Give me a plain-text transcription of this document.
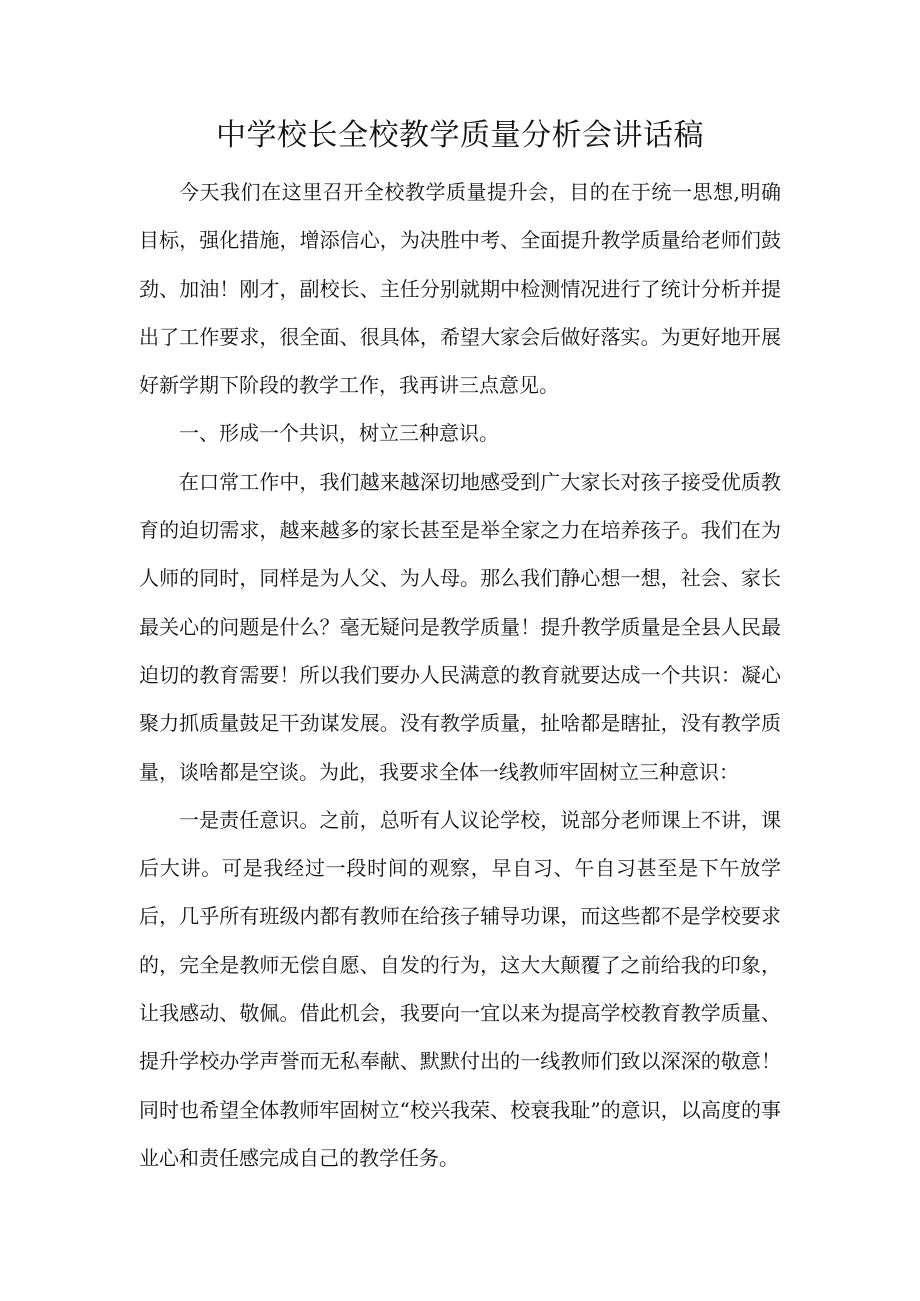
中学校长全校教学质量分析会讲话稿

今天我们在这里召开全校教学质量提升会，目的在于统一思想,明确目标，强化措施，增添信心，为决胜中考、全面提升教学质量给老师们鼓劲、加油！刚才，副校长、主任分别就期中检测情况进行了统计分析并提出了工作要求，很全面、很具体，希望大家会后做好落实。为更好地开展好新学期下阶段的教学工作，我再讲三点意见。

一、形成一个共识，树立三种意识。

在口常工作中，我们越来越深切地感受到广大家长对孩子接受优质教育的迫切需求，越来越多的家长甚至是举全家之力在培养孩子。我们在为人师的同时，同样是为人父、为人母。那么我们静心想一想，社会、家长最关心的问题是什么？毫无疑问是教学质量！提升教学质量是全县人民最迫切的教育需要！所以我们要办人民满意的教育就要达成一个共识：凝心聚力抓质量鼓足干劲谋发展。没有教学质量，扯啥都是瞎扯，没有教学质量，谈啥都是空谈。为此，我要求全体一线教师牢固树立三种意识：

一是责任意识。之前，总听有人议论学校，说部分老师课上不讲，课后大讲。可是我经过一段时间的观察，早自习、午自习甚至是下午放学后，几乎所有班级内都有教师在给孩子辅导功课，而这些都不是学校要求的，完全是教师无偿自愿、自发的行为，这大大颠覆了之前给我的印象，让我感动、敬佩。借此机会，我要向一宜以来为提高学校教育教学质量、提升学校办学声誉而无私奉献、默默付出的一线教师们致以深深的敬意！同时也希望全体教师牢固树立“校兴我荣、校衰我耻”的意识，以高度的事业心和责任感完成自己的教学任务。
